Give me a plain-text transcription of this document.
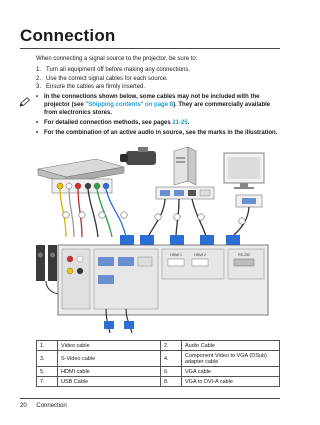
Connection
When connecting a signal source to the projector, be sure to:
1. Turn all equipment off before making any connections.
2. Use the correct signal cables for each source.
3. Ensure the cables are firmly inserted.
• In the connections shown below, some cables may not be included with the projector (see "Shipping contents" on page 8). They are commercially available from electronics stores.
• For detailed connection methods, see pages 21-25.
• For the combination of an active audio in source, see the marks in the illustration.
HDMI 1	HDMI 2	RS-232
1.	Video cable	2.	Audio Cable
3.	S-Video cable	4.	Component Video to VGA (DSub) adapter cable
5.	HDMI cable	6.	VGA cable
7.	USB Cable	8.	VGA to DVI-A cable
20 Connection
